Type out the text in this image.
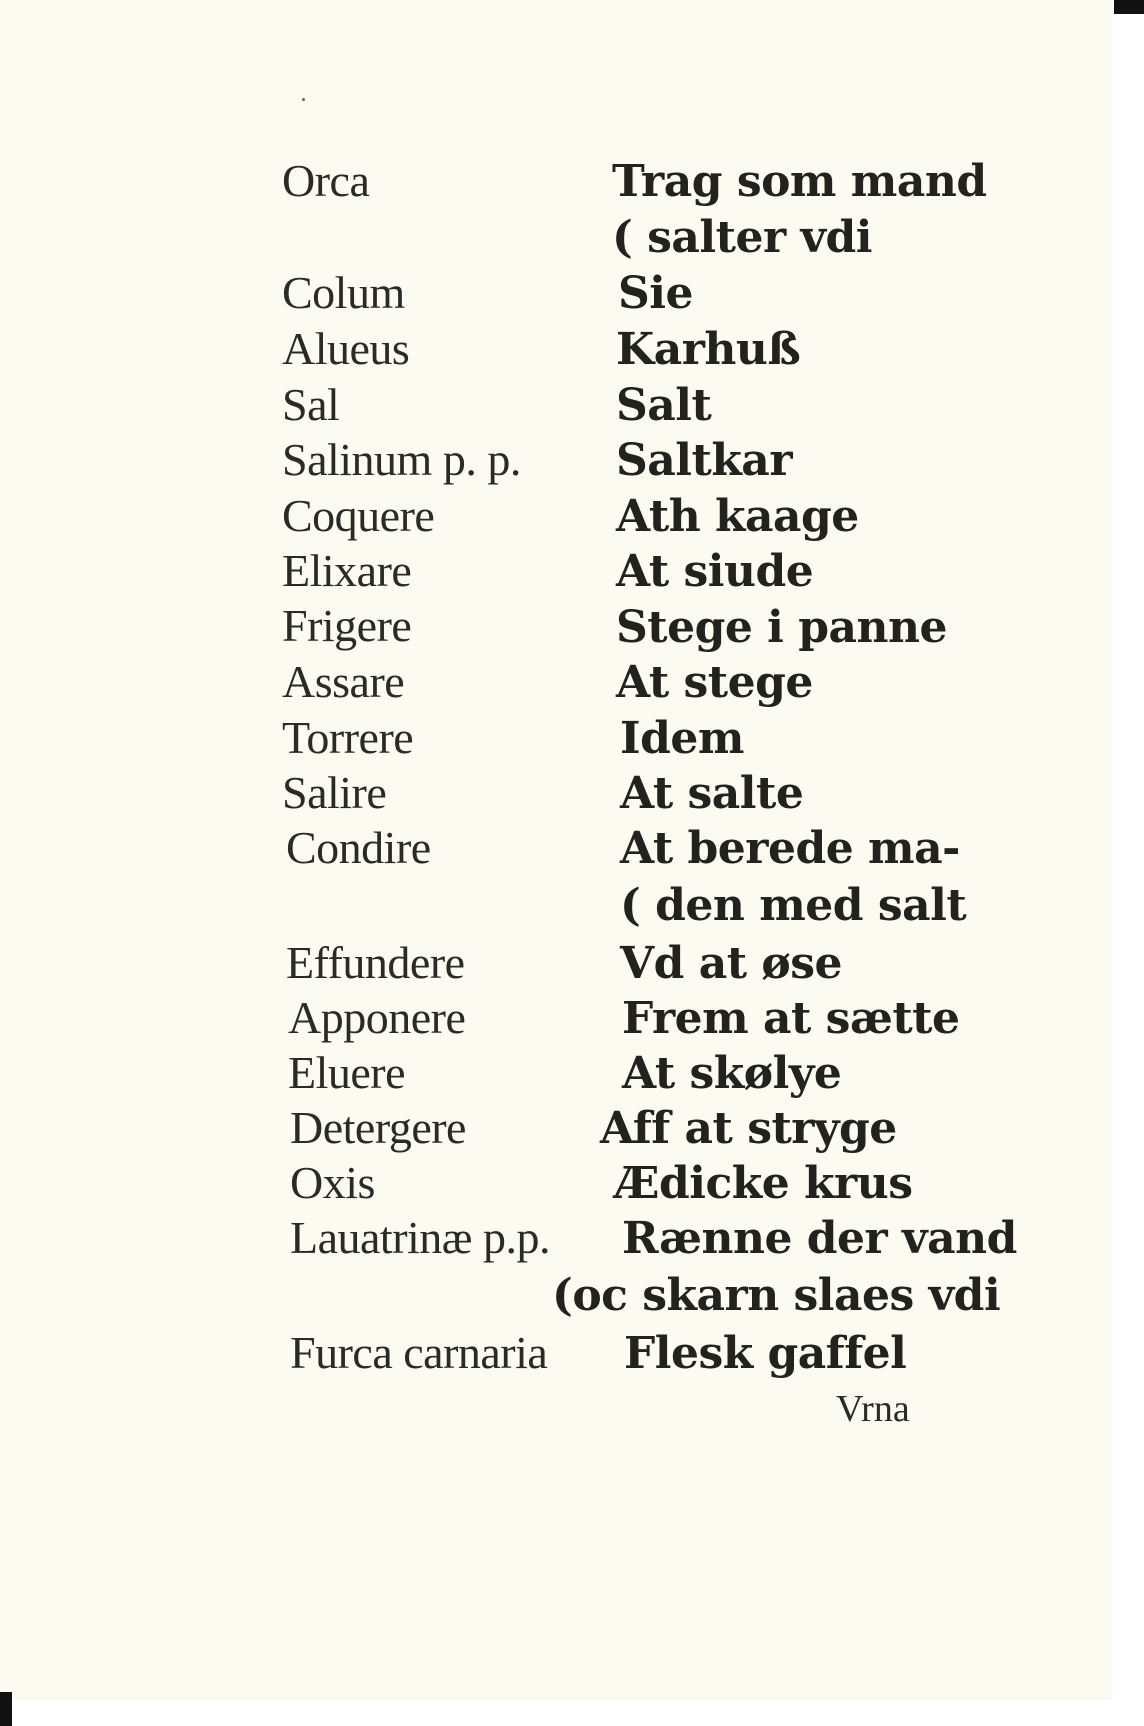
Orca
Colum
Alueus
Sal
Salinum p. p.
Coquere
Elixare
Frigere
Assare
Torrere
Salire
Condire
Effundere
Apponere
Eluere
Detergere
Oxis
Lauatrinæ p.p.
Furca carnaria
Trag som mand
( salter vdi
Sie
Karhuß
Salt
Saltkar
Ath kaage
At siude
Stege i panne
At stege
Idem
At salte
At berede ma-
( den med salt
Vd at øse
Frem at sætte
At skølye
Aff at stryge
Ædicke krus
Rænne der vand
(oc skarn slaes vdi
Flesk gaffel
Vrna
